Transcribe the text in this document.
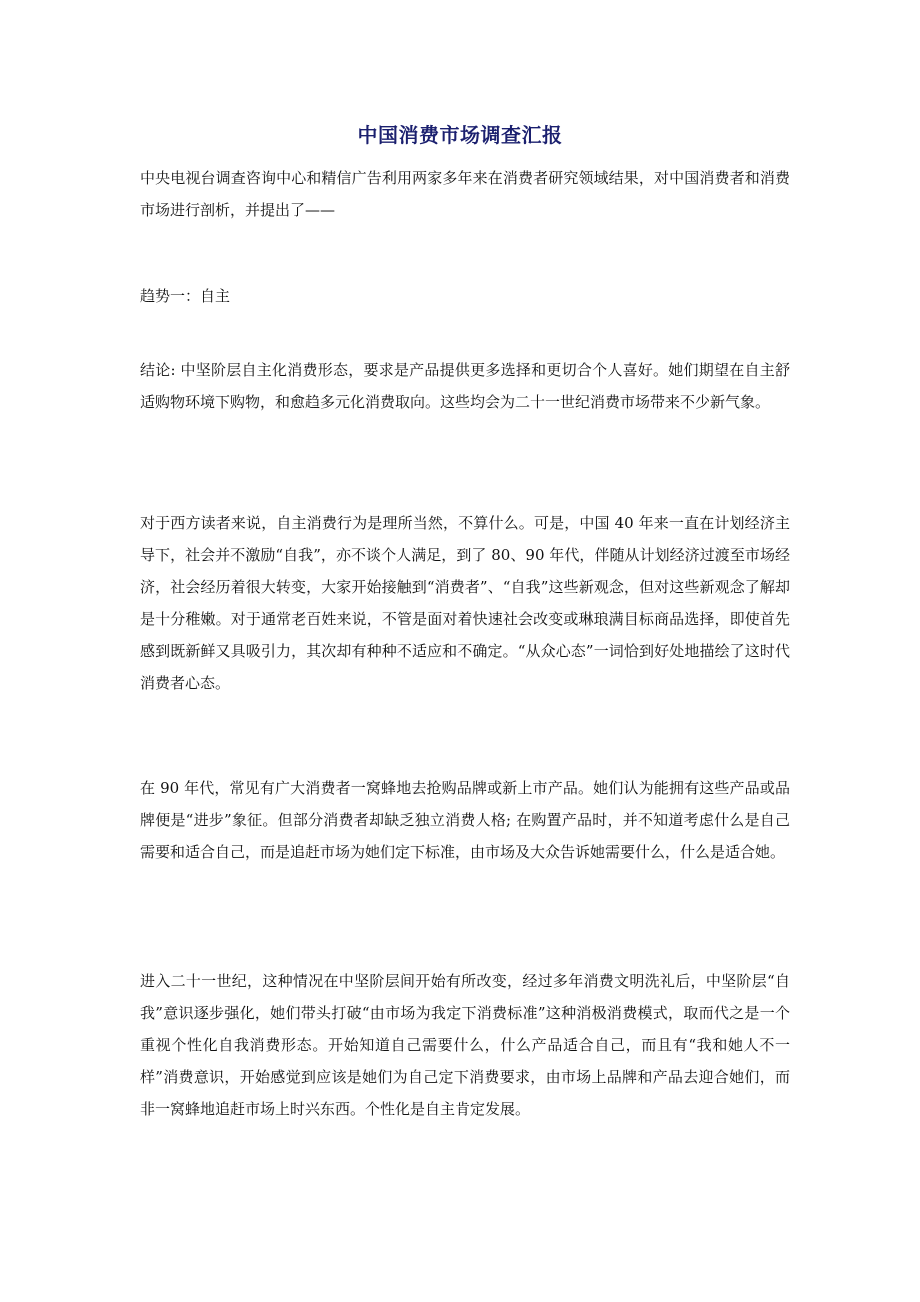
中国消费市场调查汇报

中央电视台调查咨询中心和精信广告利用两家多年来在消费者研究领域结果，对中国消费者和消费市场进行剖析，并提出了——

趋势一：自主

结论: 中坚阶层自主化消费形态，要求是产品提供更多选择和更切合个人喜好。她们期望在自主舒适购物环境下购物，和愈趋多元化消费取向。这些均会为二十一世纪消费市场带来不少新气象。

对于西方读者来说，自主消费行为是理所当然，不算什么。可是，中国 40 年来一直在计划经济主导下，社会并不激励“自我”，亦不谈个人满足，到了 80、90 年代，伴随从计划经济过渡至市场经济，社会经历着很大转变，大家开始接触到“消费者”、“自我”这些新观念，但对这些新观念了解却是十分稚嫩。对于通常老百姓来说，不管是面对着快速社会改变或琳琅满目标商品选择，即使首先感到既新鲜又具吸引力，其次却有种种不适应和不确定。“从众心态”一词恰到好处地描绘了这时代消费者心态。

在 90 年代，常见有广大消费者一窝蜂地去抢购品牌或新上市产品。她们认为能拥有这些产品或品牌便是“进步”象征。但部分消费者却缺乏独立消费人格; 在购置产品时，并不知道考虑什么是自己需要和适合自己，而是追赶市场为她们定下标准，由市场及大众告诉她需要什么，什么是适合她。

进入二十一世纪，这种情况在中坚阶层间开始有所改变，经过多年消费文明洗礼后，中坚阶层“自我”意识逐步强化，她们带头打破“由市场为我定下消费标准”这种消极消费模式，取而代之是一个重视个性化自我消费形态。开始知道自己需要什么，什么产品适合自己，而且有“我和她人不一样”消费意识，开始感觉到应该是她们为自己定下消费要求，由市场上品牌和产品去迎合她们，而非一窝蜂地追赶市场上时兴东西。个性化是自主肯定发展。
